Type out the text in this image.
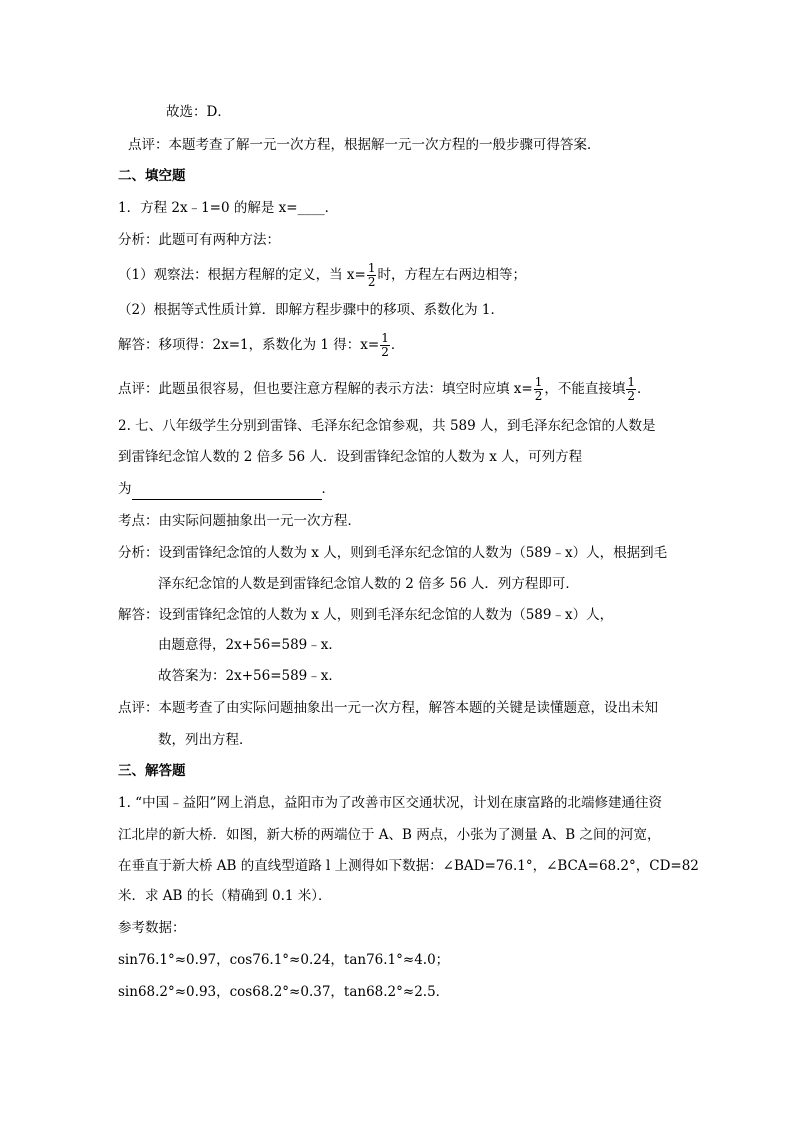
故选：D．
点评：本题考查了解一元一次方程，根据解一元一次方程的一般步骤可得答案．
二、填空题
1．方程 2x﹣1=0 的解是 x=____．
分析：此题可有两种方法：
（1）观察法：根据方程解的定义，当 $x= \frac{1}{2}$ 时，方程左右两边相等；
（2）根据等式性质计算．即解方程步骤中的移项、系数化为 1．
解答：移项得：2x=1，系数化为 1 得：$x= \frac{1}{2}$ ．
点评：此题虽很容易，但也要注意方程解的表示方法：填空时应填 $x= \frac{1}{2}$ ，不能直接填 $\frac{1}{2}$ ．
2. 七、八年级学生分别到雷锋、毛泽东纪念馆参观，共 589 人，到毛泽东纪念馆的人数是
到雷锋纪念馆人数的 2 倍多 56 人．设到雷锋纪念馆的人数为 x 人，可列方程
为	．
考点：由实际问题抽象出一元一次方程．
分析：设到雷锋纪念馆的人数为 x 人，则到毛泽东纪念馆的人数为（589﹣x）人，根据到毛
泽东纪念馆的人数是到雷锋纪念馆人数的 2 倍多 56 人．列方程即可．
解答：设到雷锋纪念馆的人数为 x 人，则到毛泽东纪念馆的人数为（589﹣x）人，
由题意得，2x+56=589﹣x．
故答案为：2x+56=589﹣x．
点评：本题考查了由实际问题抽象出一元一次方程，解答本题的关键是读懂题意，设出未知
数，列出方程．
三、解答题
1. “中国﹣益阳”网上消息，益阳市为了改善市区交通状况，计划在康富路的北端修建通往资
江北岸的新大桥．如图，新大桥的两端位于 A、B 两点，小张为了测量 A、B 之间的河宽，
在垂直于新大桥 AB 的直线型道路 l 上测得如下数据：∠BAD=76.1°，∠BCA=68.2°，CD=82
米．求 AB 的长（精确到 0.1 米）．
参考数据：
sin76.1°≈0.97，cos76.1°≈0.24，tan76.1°≈4.0；
sin68.2°≈0.93，cos68.2°≈0.37，tan68.2°≈2.5．
